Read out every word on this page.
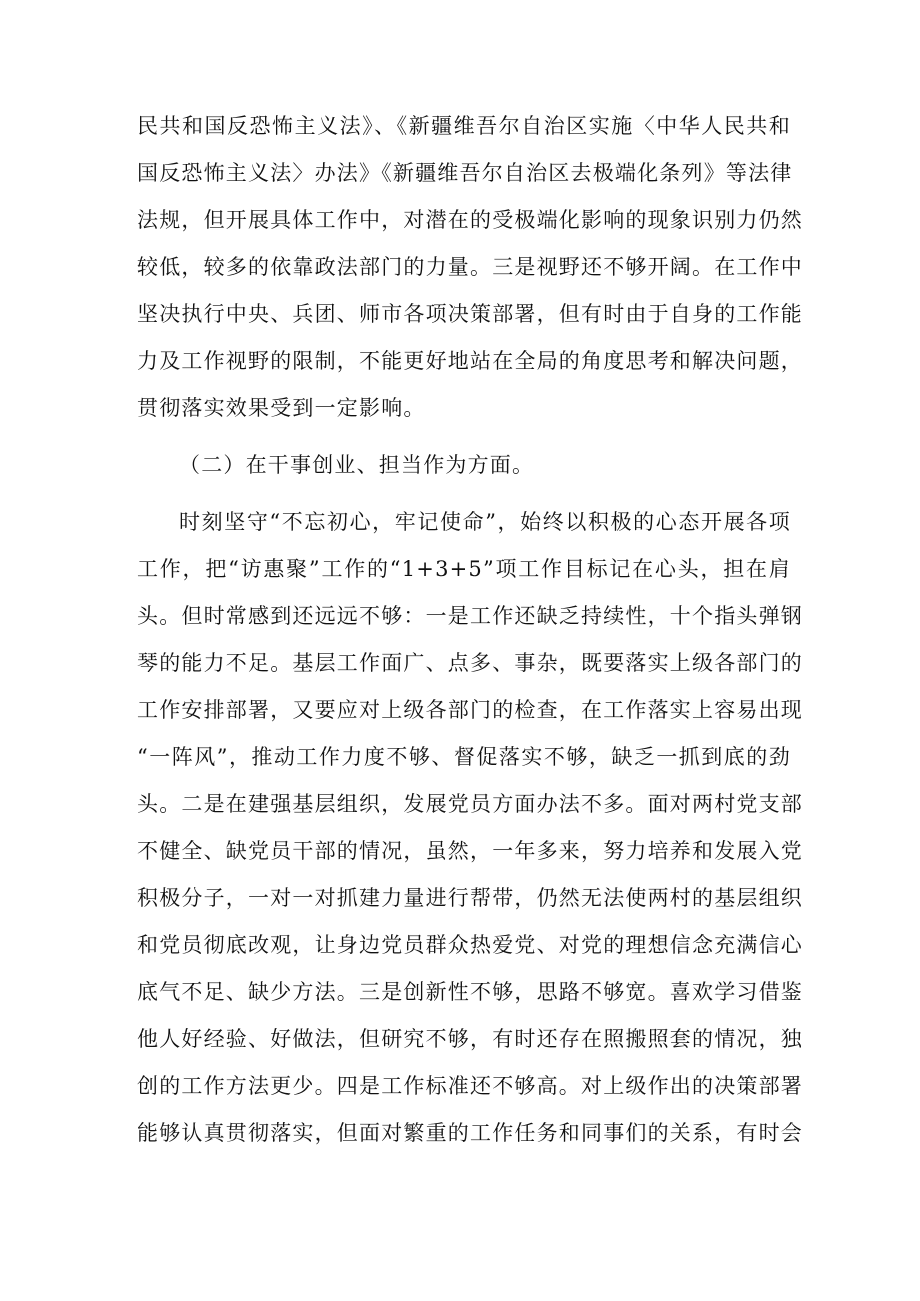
民共和国反恐怖主义法》、《新疆维吾尔自治区实施〈中华人民共和
国反恐怖主义法〉办法》《新疆维吾尔自治区去极端化条列》等法律
法规，但开展具体工作中，对潜在的受极端化影响的现象识别力仍然
较低，较多的依靠政法部门的力量。三是视野还不够开阔。在工作中
坚决执行中央、兵团、师市各项决策部署，但有时由于自身的工作能
力及工作视野的限制，不能更好地站在全局的角度思考和解决问题，
贯彻落实效果受到一定影响。
（二）在干事创业、担当作为方面。
时刻坚守“不忘初心，牢记使命”，始终以积极的心态开展各项
工作，把“访惠聚”工作的“1+3+5”项工作目标记在心头，担在肩
头。但时常感到还远远不够：一是工作还缺乏持续性，十个指头弹钢
琴的能力不足。基层工作面广、点多、事杂，既要落实上级各部门的
工作安排部署，又要应对上级各部门的检查，在工作落实上容易出现
“一阵风”，推动工作力度不够、督促落实不够，缺乏一抓到底的劲
头。二是在建强基层组织，发展党员方面办法不多。面对两村党支部
不健全、缺党员干部的情况，虽然，一年多来，努力培养和发展入党
积极分子，一对一对抓建力量进行帮带，仍然无法使两村的基层组织
和党员彻底改观，让身边党员群众热爱党、对党的理想信念充满信心
底气不足、缺少方法。三是创新性不够，思路不够宽。喜欢学习借鉴
他人好经验、好做法，但研究不够，有时还存在照搬照套的情况，独
创的工作方法更少。四是工作标准还不够高。对上级作出的决策部署
能够认真贯彻落实，但面对繁重的工作任务和同事们的关系，有时会
